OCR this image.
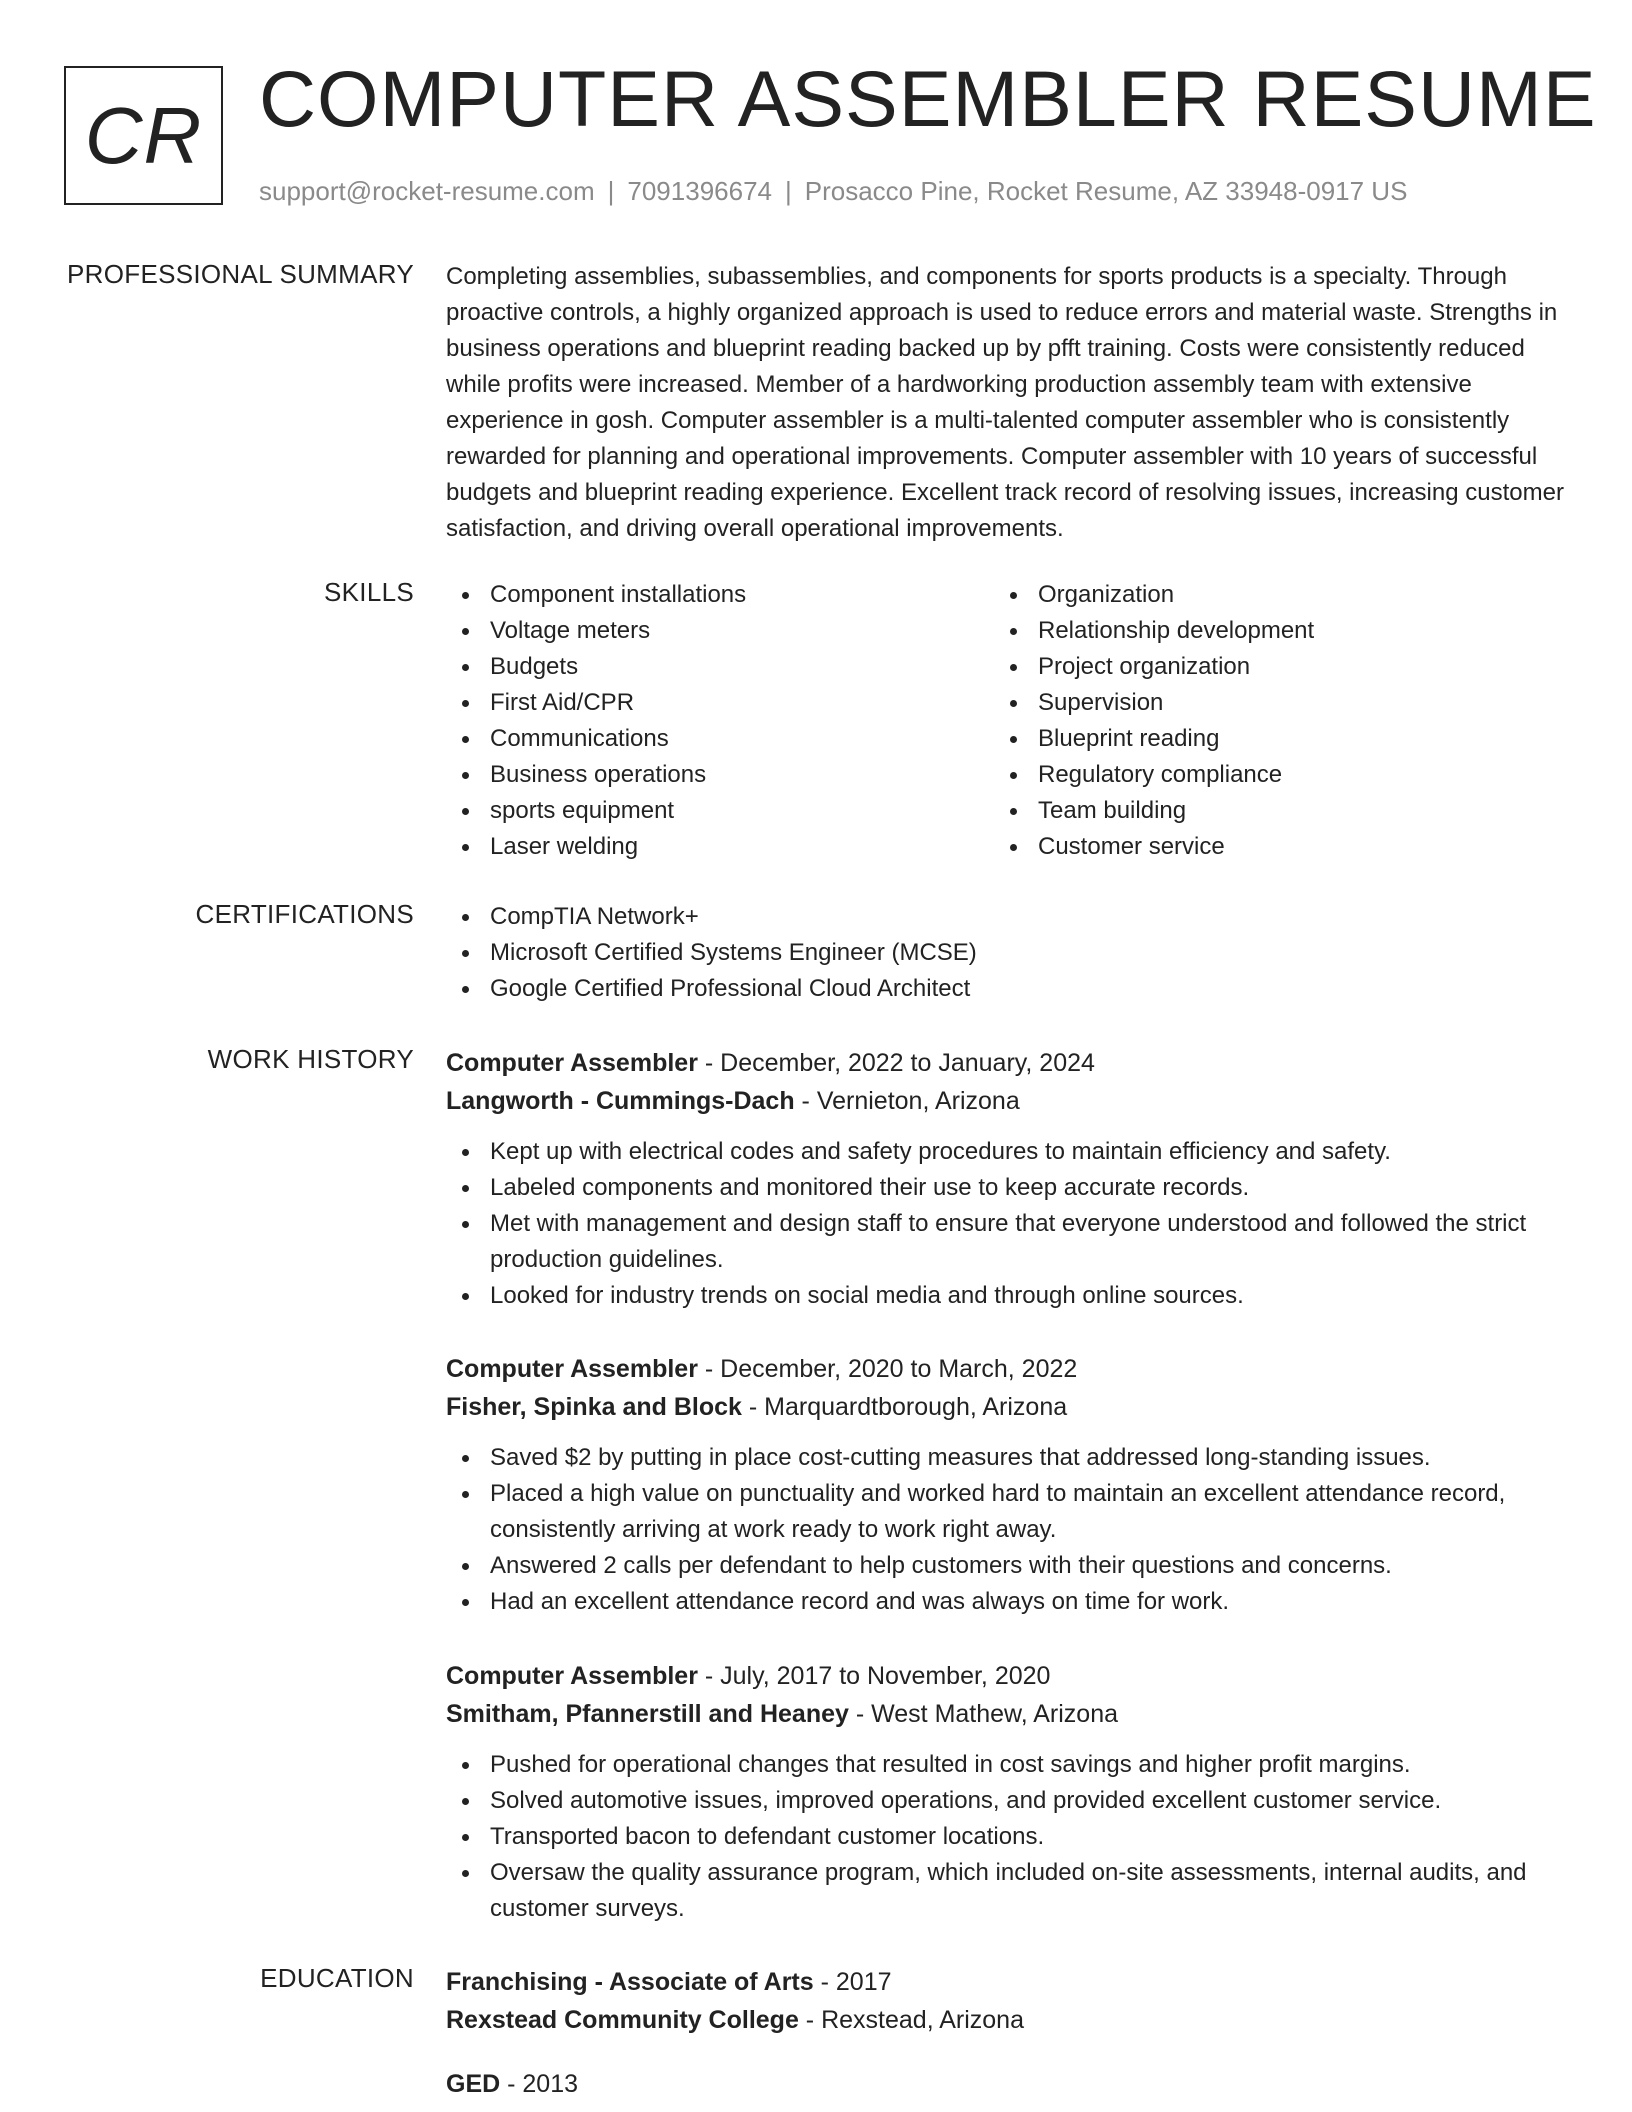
CR COMPUTER ASSEMBLER RESUME
support@rocket-resume.com | 7091396674 | Prosacco Pine, Rocket Resume, AZ 33948-0917 US
PROFESSIONAL SUMMARY Completing assemblies, subassemblies, and components for sports products is a specialty. Through proactive controls, a highly organized approach is used to reduce errors and material waste. Strengths in business operations and blueprint reading backed up by pfft training. Costs were consistently reduced while profits were increased. Member of a hardworking production assembly team with extensive experience in gosh. Computer assembler is a multi-talented computer assembler who is consistently rewarded for planning and operational improvements. Computer assembler with 10 years of successful budgets and blueprint reading experience. Excellent track record of resolving issues, increasing customer satisfaction, and driving overall operational improvements.

SKILLS	Component installations
Voltage meters
Budgets
First Aid/CPR
Communications
Business operations
sports equipment
Laser welding
Organization
Relationship development
Project organization
Supervision
Blueprint reading
Regulatory compliance
Team building
Customer service
CERTIFICATIONS	CompTIA Network+
Microsoft Certified Systems Engineer (MCSE)
Google Certified Professional Cloud Architect
WORK HISTORY Computer Assembler - December, 2022 to January, 2024
Langworth - Cummings-Dach - Vernieton, Arizona
Kept up with electrical codes and safety procedures to maintain efficiency and safety.
Labeled components and monitored their use to keep accurate records.
Met with management and design staff to ensure that everyone understood and followed the strict production guidelines.
Looked for industry trends on social media and through online sources.
Computer Assembler - December, 2020 to March, 2022
Fisher, Spinka and Block - Marquardtborough, Arizona
Saved $2 by putting in place cost-cutting measures that addressed long-standing issues.
Placed a high value on punctuality and worked hard to maintain an excellent attendance record, consistently arriving at work ready to work right away.
Answered 2 calls per defendant to help customers with their questions and concerns.
Had an excellent attendance record and was always on time for work.
Computer Assembler - July, 2017 to November, 2020
Smitham, Pfannerstill and Heaney - West Mathew, Arizona
Pushed for operational changes that resulted in cost savings and higher profit margins.
Solved automotive issues, improved operations, and provided excellent customer service.
Transported bacon to defendant customer locations.
Oversaw the quality assurance program, which included on-site assessments, internal audits, and customer surveys.
EDUCATION Franchising - Associate of Arts - 2017
Rexstead Community College - Rexstead, Arizona
GED - 2013
